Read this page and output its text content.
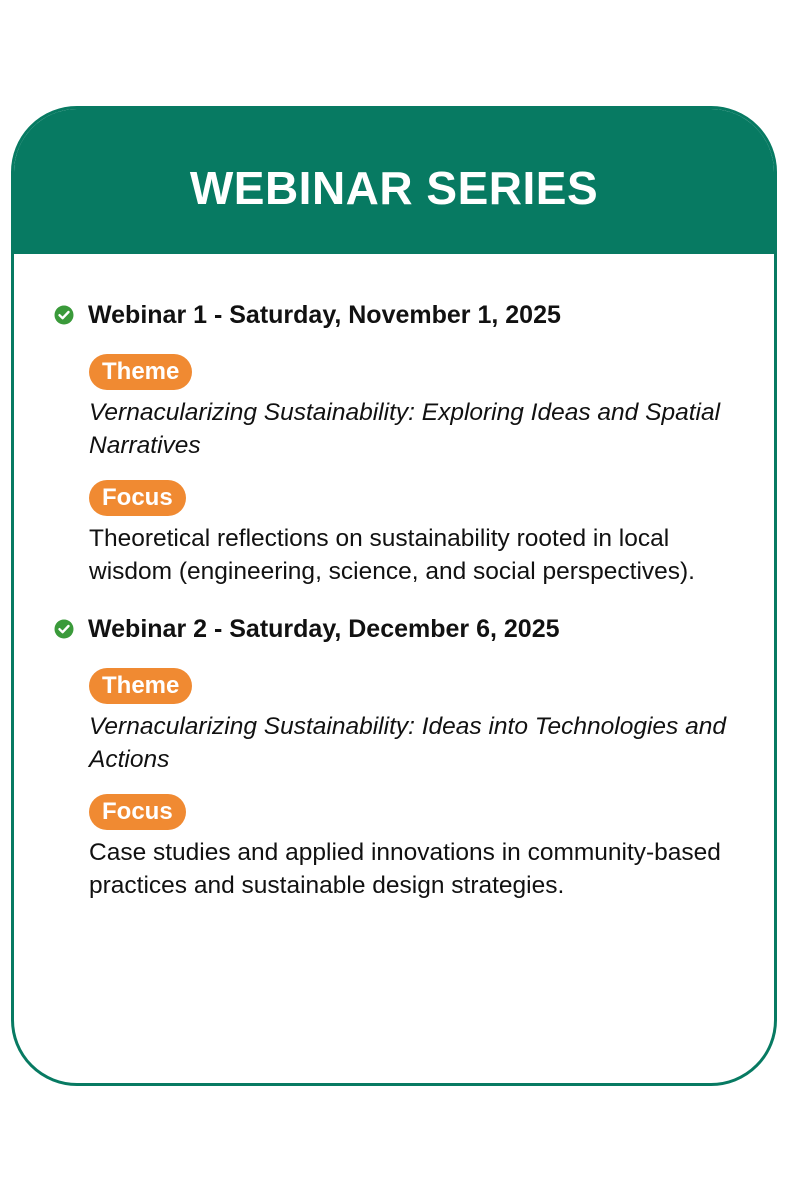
WEBINAR SERIES
Webinar 1 - Saturday, November 1, 2025
Theme
Vernacularizing Sustainability: Exploring Ideas and Spatial Narratives
Focus
Theoretical reflections on sustainability rooted in local wisdom (engineering, science, and social perspectives).
Webinar 2 - Saturday, December 6, 2025
Theme
Vernacularizing Sustainability: Ideas into Technologies and Actions
Focus
Case studies and applied innovations in community-based practices and sustainable design strategies.
